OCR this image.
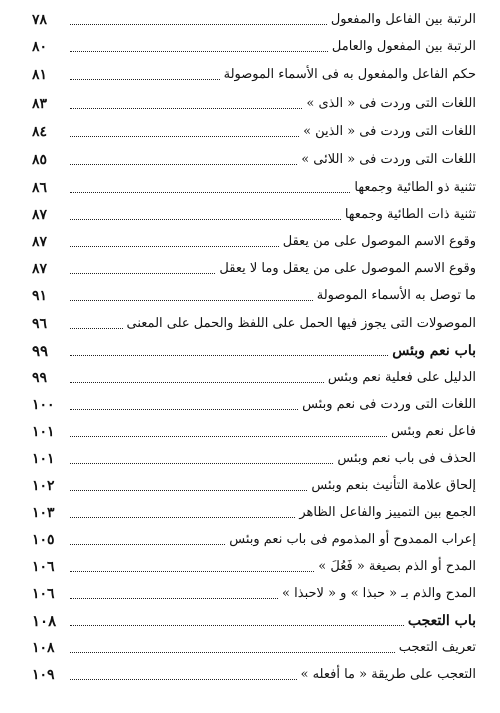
الرتبة بين الفاعل والمفعول
٧٨
الرتبة بين المفعول والعامل
٨٠
حكم الفاعل والمفعول به فى الأسماء الموصولة
٨١
اللغات التى وردت فى « الذى »
٨٣
اللغات التى وردت فى « الذين »
٨٤
اللغات التى وردت فى « اللائى »
٨٥
تثنية ذو الطائية وجمعها
٨٦
تثنية ذات الطائية وجمعها
٨٧
وقوع الاسم الموصول على من يعقل
٨٧
وقوع الاسم الموصول على من يعقل وما لا يعقل
٨٧
ما توصل به الأسماء الموصولة
٩١
الموصولات التى يجوز فيها الحمل على اللفظ والحمل على المعنى
٩٦
باب نعم وبئس
٩٩
الدليل على فعلية نعم وبئس
٩٩
اللغات التى وردت فى نعم وبئس
١٠٠
فاعل نعم وبئس
١٠١
الحذف فى باب نعم وبئس
١٠١
إلحاق علامة التأنيث بنعم وبئس
١٠٢
الجمع بين التمييز والفاعل الظاهر
١٠٣
إعراب الممدوح أو المذموم فى باب نعم وبئس
١٠٥
المدح أو الذم بصيغة « فَعُلَ »
١٠٦
المدح والذم بـ « حبذا » و « لاحبذا »
١٠٦
باب التعجب
١٠٨
تعريف التعجب
١٠٨
التعجب على طريقة « ما أفعله »
١٠٩
